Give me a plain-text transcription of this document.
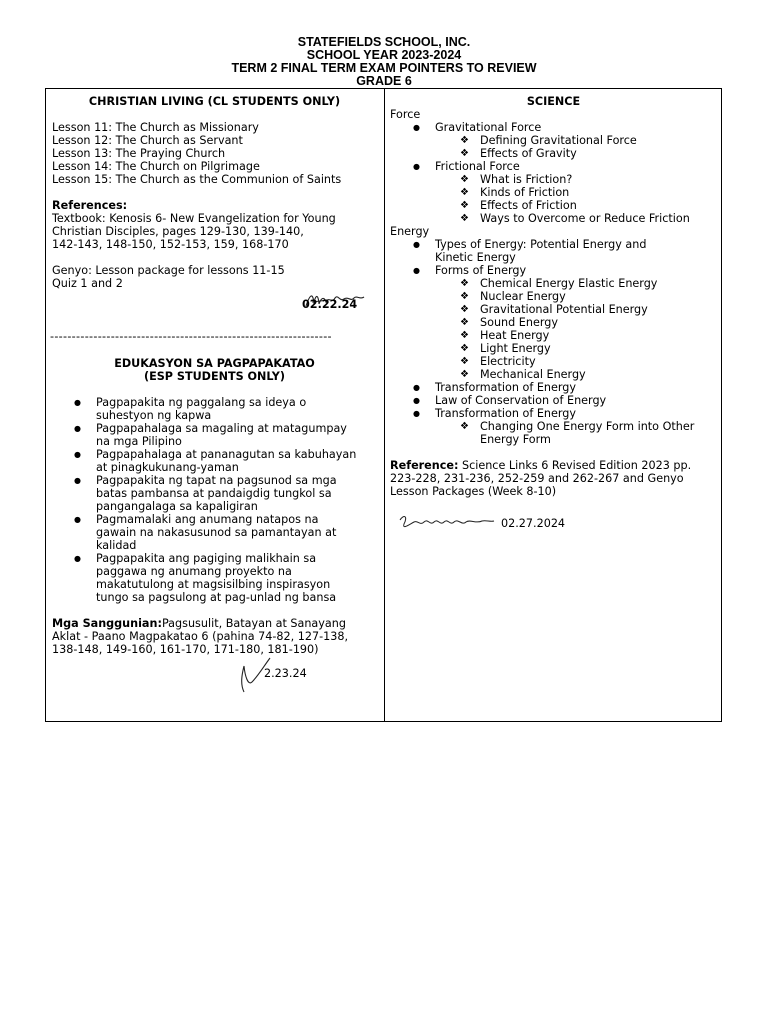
STATEFIELDS SCHOOL, INC.
SCHOOL YEAR 2023-2024
TERM 2 FINAL TERM EXAM POINTERS TO REVIEW
GRADE 6
CHRISTIAN LIVING (CL STUDENTS ONLY)
Lesson 11: The Church as Missionary
Lesson 12: The Church as Servant
Lesson 13: The Praying Church
Lesson 14: The Church on Pilgrimage
Lesson 15: The Church as the Communion of Saints
References:
Textbook: Kenosis 6- New Evangelization for Young
Christian Disciples, pages 129-130, 139-140,
142-143, 148-150, 152-153, 159, 168-170
Genyo: Lesson package for lessons 11-15
Quiz 1 and 2
02.22.24
-----------------------------------------------------------------
EDUKASYON SA PAGPAPAKATAO
(ESP STUDENTS ONLY)
● Pagpapakita ng paggalang sa ideya o
suhestyon ng kapwa
● Pagpapahalaga sa magaling at matagumpay
na mga Pilipino
● Pagpapahalaga at pananagutan sa kabuhayan
at pinagkukunang-yaman
● Pagpapakita ng tapat na pagsunod sa mga
batas pambansa at pandaigdig tungkol sa
pangangalaga sa kapaligiran
● Pagmamalaki ang anumang natapos na
gawain na nakasusunod sa pamantayan at
kalidad
● Pagpapakita ang pagiging malikhain sa
paggawa ng anumang proyekto na
makatutulong at magsisilbing inspirasyon
tungo sa pagsulong at pag-unlad ng bansa
Mga Sanggunian:Pagsusulit, Batayan at Sanayang
Aklat - Paano Magpakatao 6 (pahina 74-82, 127-138,
138-148, 149-160, 161-170, 171-180, 181-190)
2.23.24
SCIENCE
Force
● Gravitational Force
❖ Defining Gravitational Force
❖ Effects of Gravity
● Frictional Force
❖ What is Friction?
❖ Kinds of Friction
❖ Effects of Friction
❖ Ways to Overcome or Reduce Friction
Energy
● Types of Energy: Potential Energy and
Kinetic Energy
● Forms of Energy
❖ Chemical Energy Elastic Energy
❖ Nuclear Energy
❖ Gravitational Potential Energy
❖ Sound Energy
❖ Heat Energy
❖ Light Energy
❖ Electricity
❖ Mechanical Energy
● Transformation of Energy
● Law of Conservation of Energy
● Transformation of Energy
❖ Changing One Energy Form into Other
Energy Form
Reference: Science Links 6 Revised Edition 2023 pp.
223-228, 231-236, 252-259 and 262-267 and Genyo
Lesson Packages (Week 8-10)
02.27.2024
